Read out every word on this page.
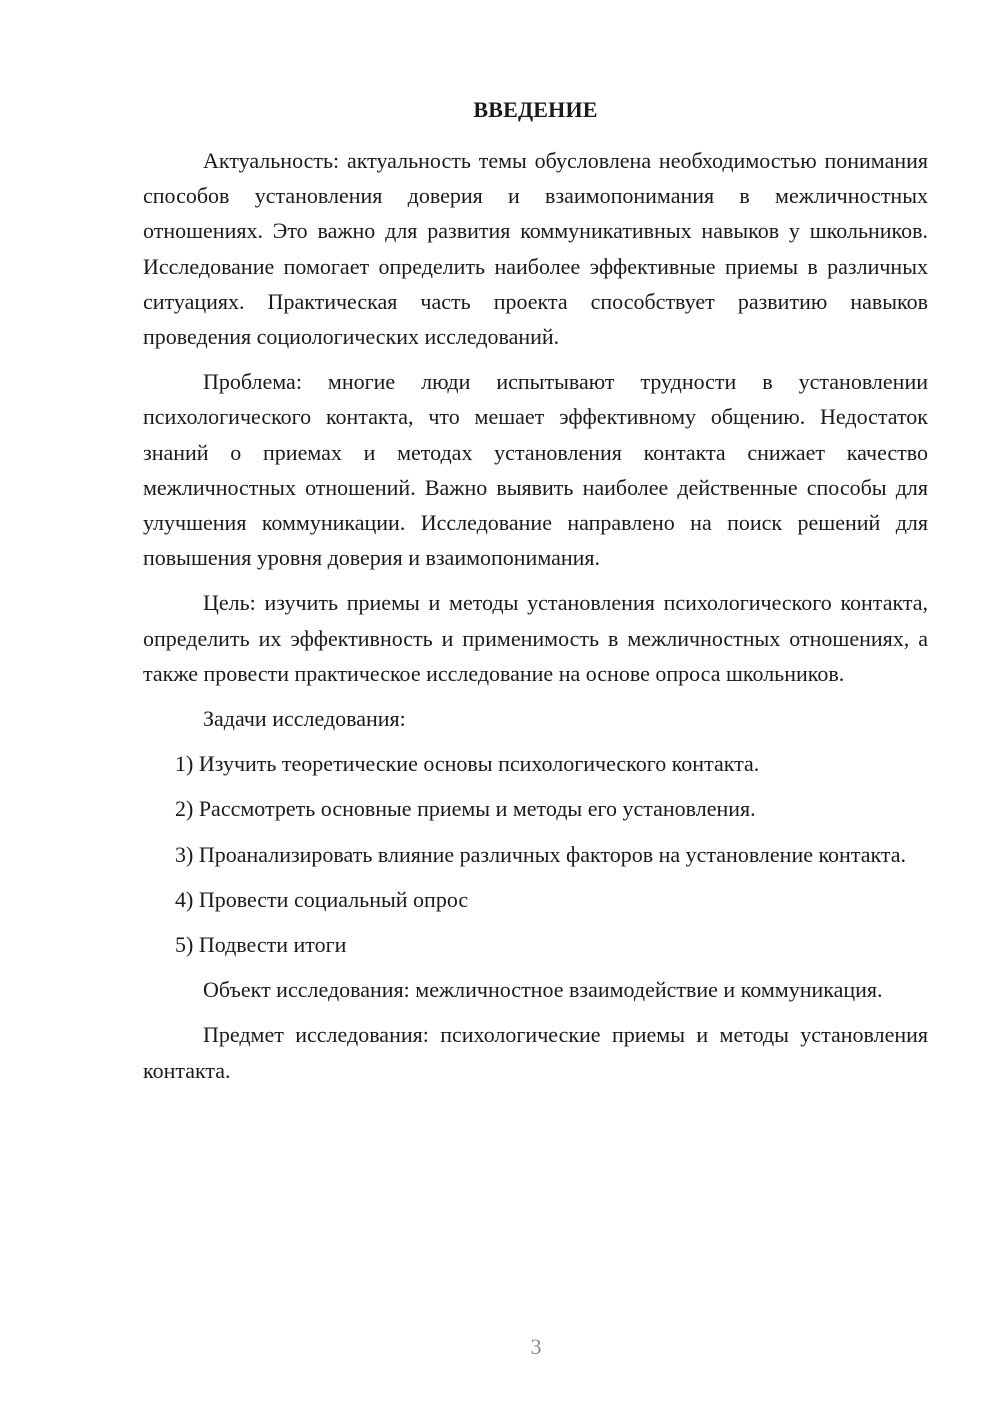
ВВЕДЕНИЕ

Актуальность: актуальность темы обусловлена необходимостью понимания способов установления доверия и взаимопонимания в межличностных отношениях. Это важно для развития коммуникативных навыков у школьников. Исследование помогает определить наиболее эффективные приемы в различных ситуациях. Практическая часть проекта способствует развитию навыков проведения социологических исследований.

Проблема: многие люди испытывают трудности в установлении психологического контакта, что мешает эффективному общению. Недостаток знаний о приемах и методах установления контакта снижает качество межличностных отношений. Важно выявить наиболее действенные способы для улучшения коммуникации. Исследование направлено на поиск решений для повышения уровня доверия и взаимопонимания.

Цель: изучить приемы и методы установления психологического контакта, определить их эффективность и применимость в межличностных отношениях, а также провести практическое исследование на основе опроса школьников.

Задачи исследования:

1) Изучить теоретические основы психологического контакта.

2) Рассмотреть основные приемы и методы его установления.

3) Проанализировать влияние различных факторов на установление контакта.

4) Провести социальный опрос

5) Подвести итоги

Объект исследования: межличностное взаимодействие и коммуникация.

Предмет исследования: психологические приемы и методы установления контакта.

3
